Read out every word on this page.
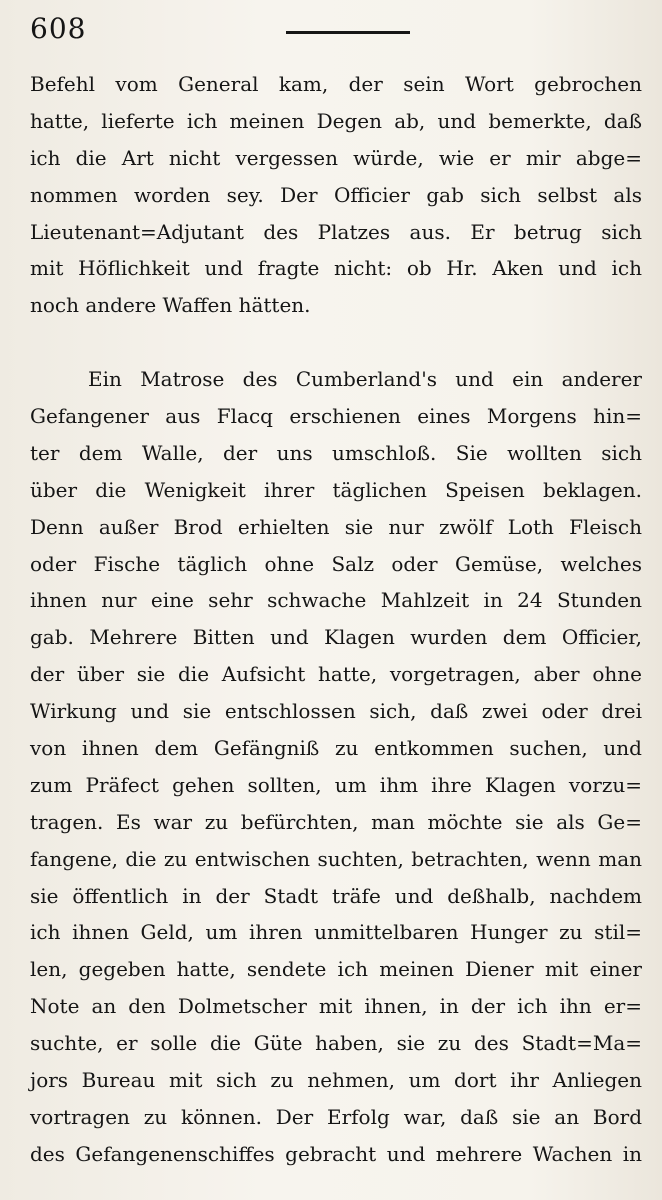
608
Befehl vom General kam, der sein Wort gebrochen
hatte, lieferte ich meinen Degen ab, und bemerkte, daß
ich die Art nicht vergessen würde, wie er mir abge=
nommen worden sey. Der Officier gab sich selbst als
Lieutenant=Adjutant des Platzes aus. Er betrug sich
mit Höflichkeit und fragte nicht: ob Hr. Aken und ich
noch andere Waffen hätten.
Ein Matrose des Cumberland's und ein anderer
Gefangener aus Flacq erschienen eines Morgens hin=
ter dem Walle, der uns umschloß. Sie wollten sich
über die Wenigkeit ihrer täglichen Speisen beklagen.
Denn außer Brod erhielten sie nur zwölf Loth Fleisch
oder Fische täglich ohne Salz oder Gemüse, welches
ihnen nur eine sehr schwache Mahlzeit in 24 Stunden
gab. Mehrere Bitten und Klagen wurden dem Officier,
der über sie die Aufsicht hatte, vorgetragen, aber ohne
Wirkung und sie entschlossen sich, daß zwei oder drei
von ihnen dem Gefängniß zu entkommen suchen, und
zum Präfect gehen sollten, um ihm ihre Klagen vorzu=
tragen. Es war zu befürchten, man möchte sie als Ge=
fangene, die zu entwischen suchten, betrachten, wenn man
sie öffentlich in der Stadt träfe und deßhalb, nachdem
ich ihnen Geld, um ihren unmittelbaren Hunger zu stil=
len, gegeben hatte, sendete ich meinen Diener mit einer
Note an den Dolmetscher mit ihnen, in der ich ihn er=
suchte, er solle die Güte haben, sie zu des Stadt=Ma=
jors Bureau mit sich zu nehmen, um dort ihr Anliegen
vortragen zu können. Der Erfolg war, daß sie an Bord
des Gefangenenschiffes gebracht und mehrere Wachen in
